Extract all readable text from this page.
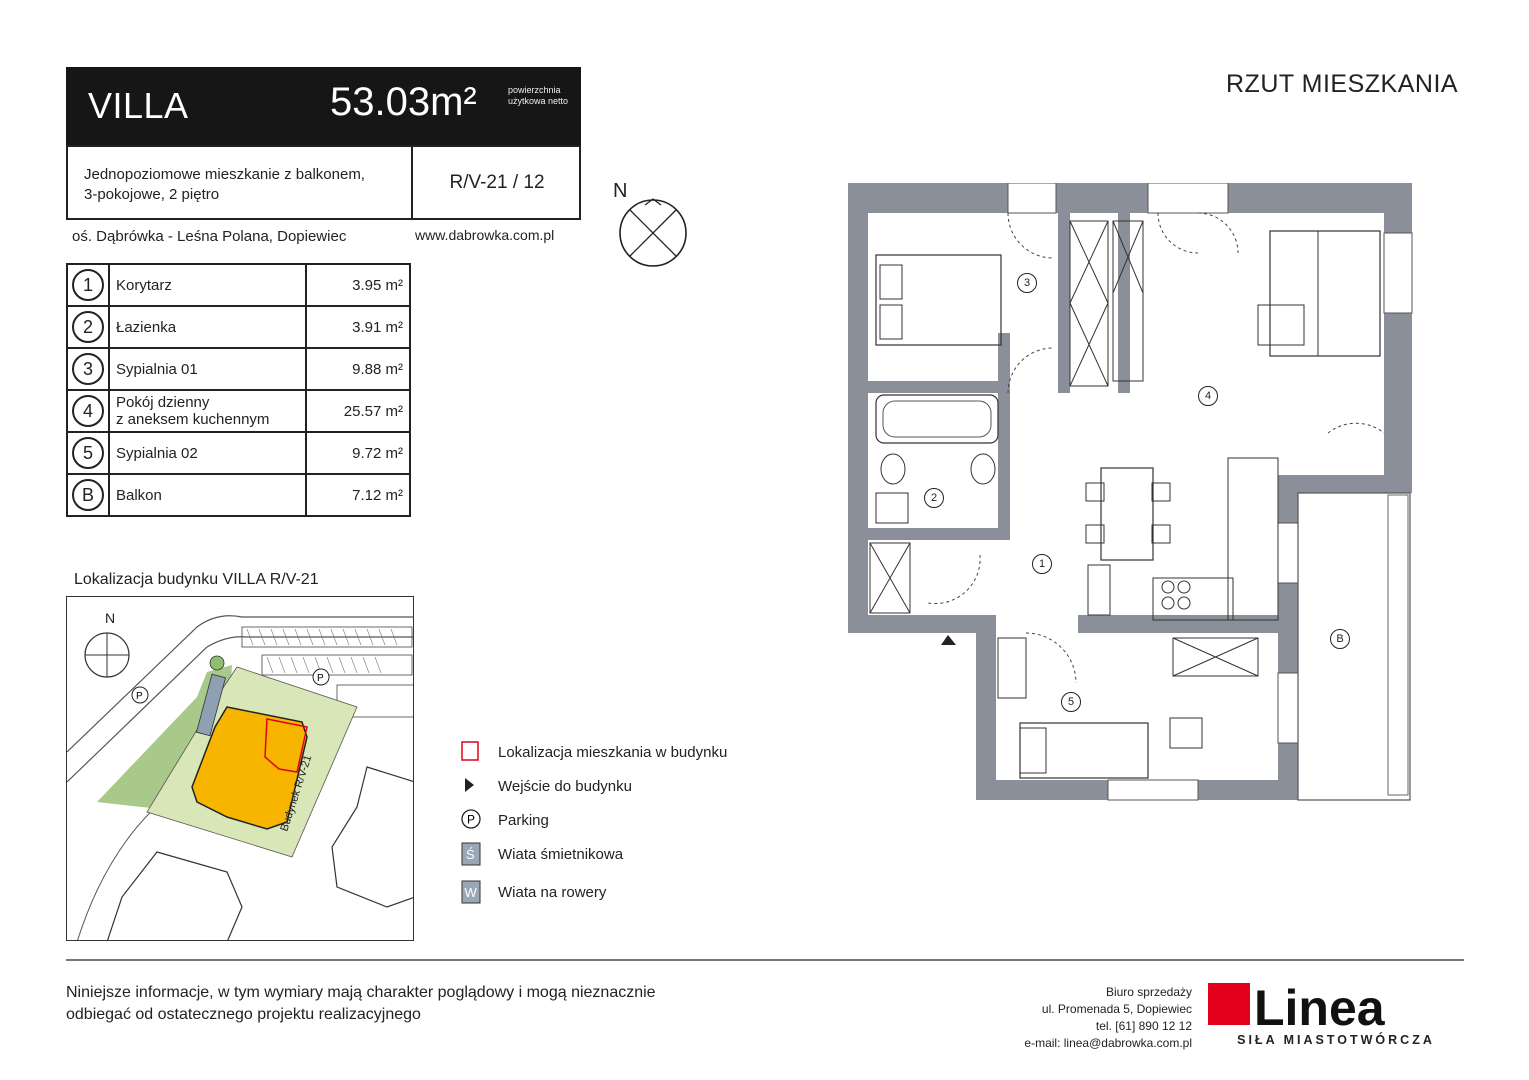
VILLA	53.03m²	powierzchnia użytkowa netto
Jednopoziomowe mieszkanie z balkonem,
3-pokojowe, 2 piętro
R/V-21 / 12
oś. Dąbrówka - Leśna Polana, Dopiewiec	www.dabrowka.com.pl
1	Korytarz	3.95 m²
2	Łazienka	3.91 m²
3	Sypialnia 01	9.88 m²
4	Pokój dzienny
z aneksem kuchennym	25.57 m²
5	Sypialnia 02	9.72 m²
B	Balkon	7.12 m²
Lokalizacja budynku VILLA R/V-21
N
P
P
Budynek R/V-21
Lokalizacja mieszkania w budynku
Wejście do budynku
P Parking
Ś Wiata śmietnikowa
W Wiata na rowery
N
RZUT MIESZKANIA
3
4
2
1
5
B
Niniejsze informacje, w tym wymiary mają charakter poglądowy i mogą nieznacznie
odbiegać od ostatecznego projektu realizacyjnego
Biuro sprzedaży
ul. Promenada 5, Dopiewiec
tel. [61] 890 12 12
e-mail: linea@dabrowka.com.pl
Linea
SIŁA MIASTOTWÓRCZA
